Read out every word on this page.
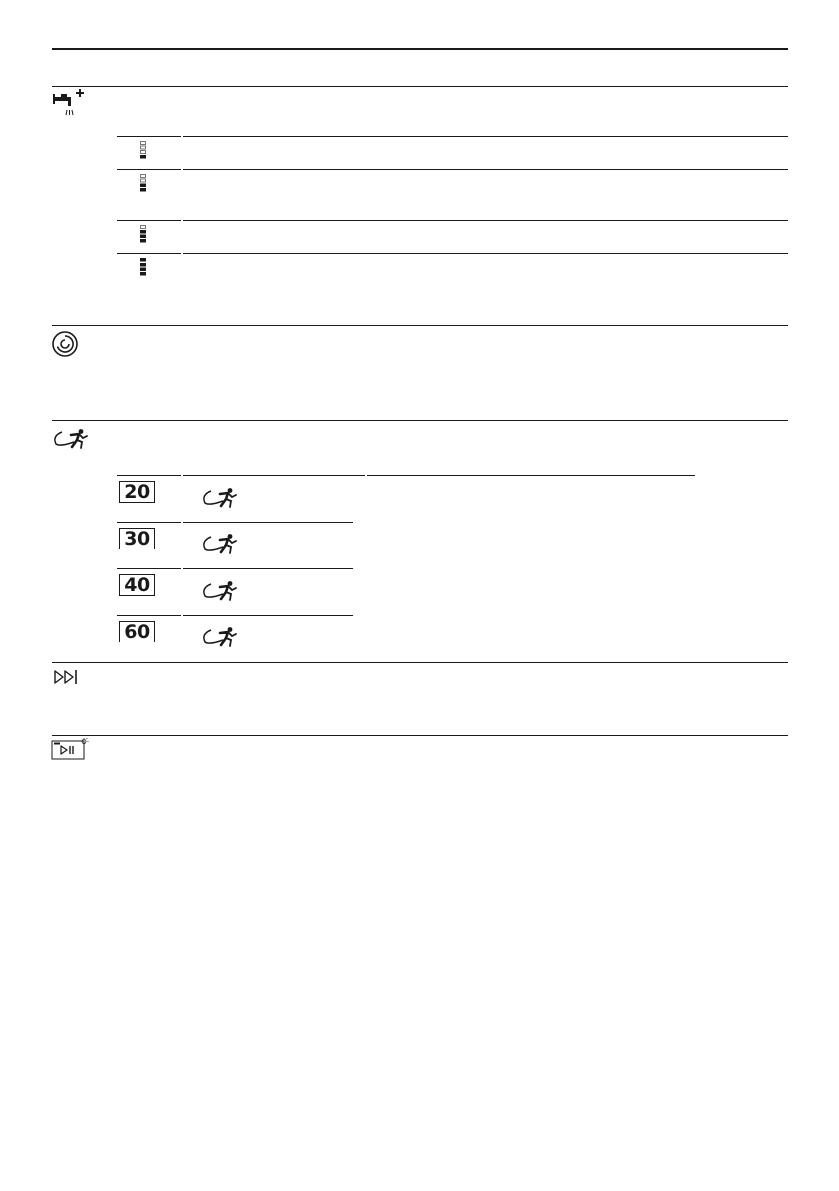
20
30
40
60
